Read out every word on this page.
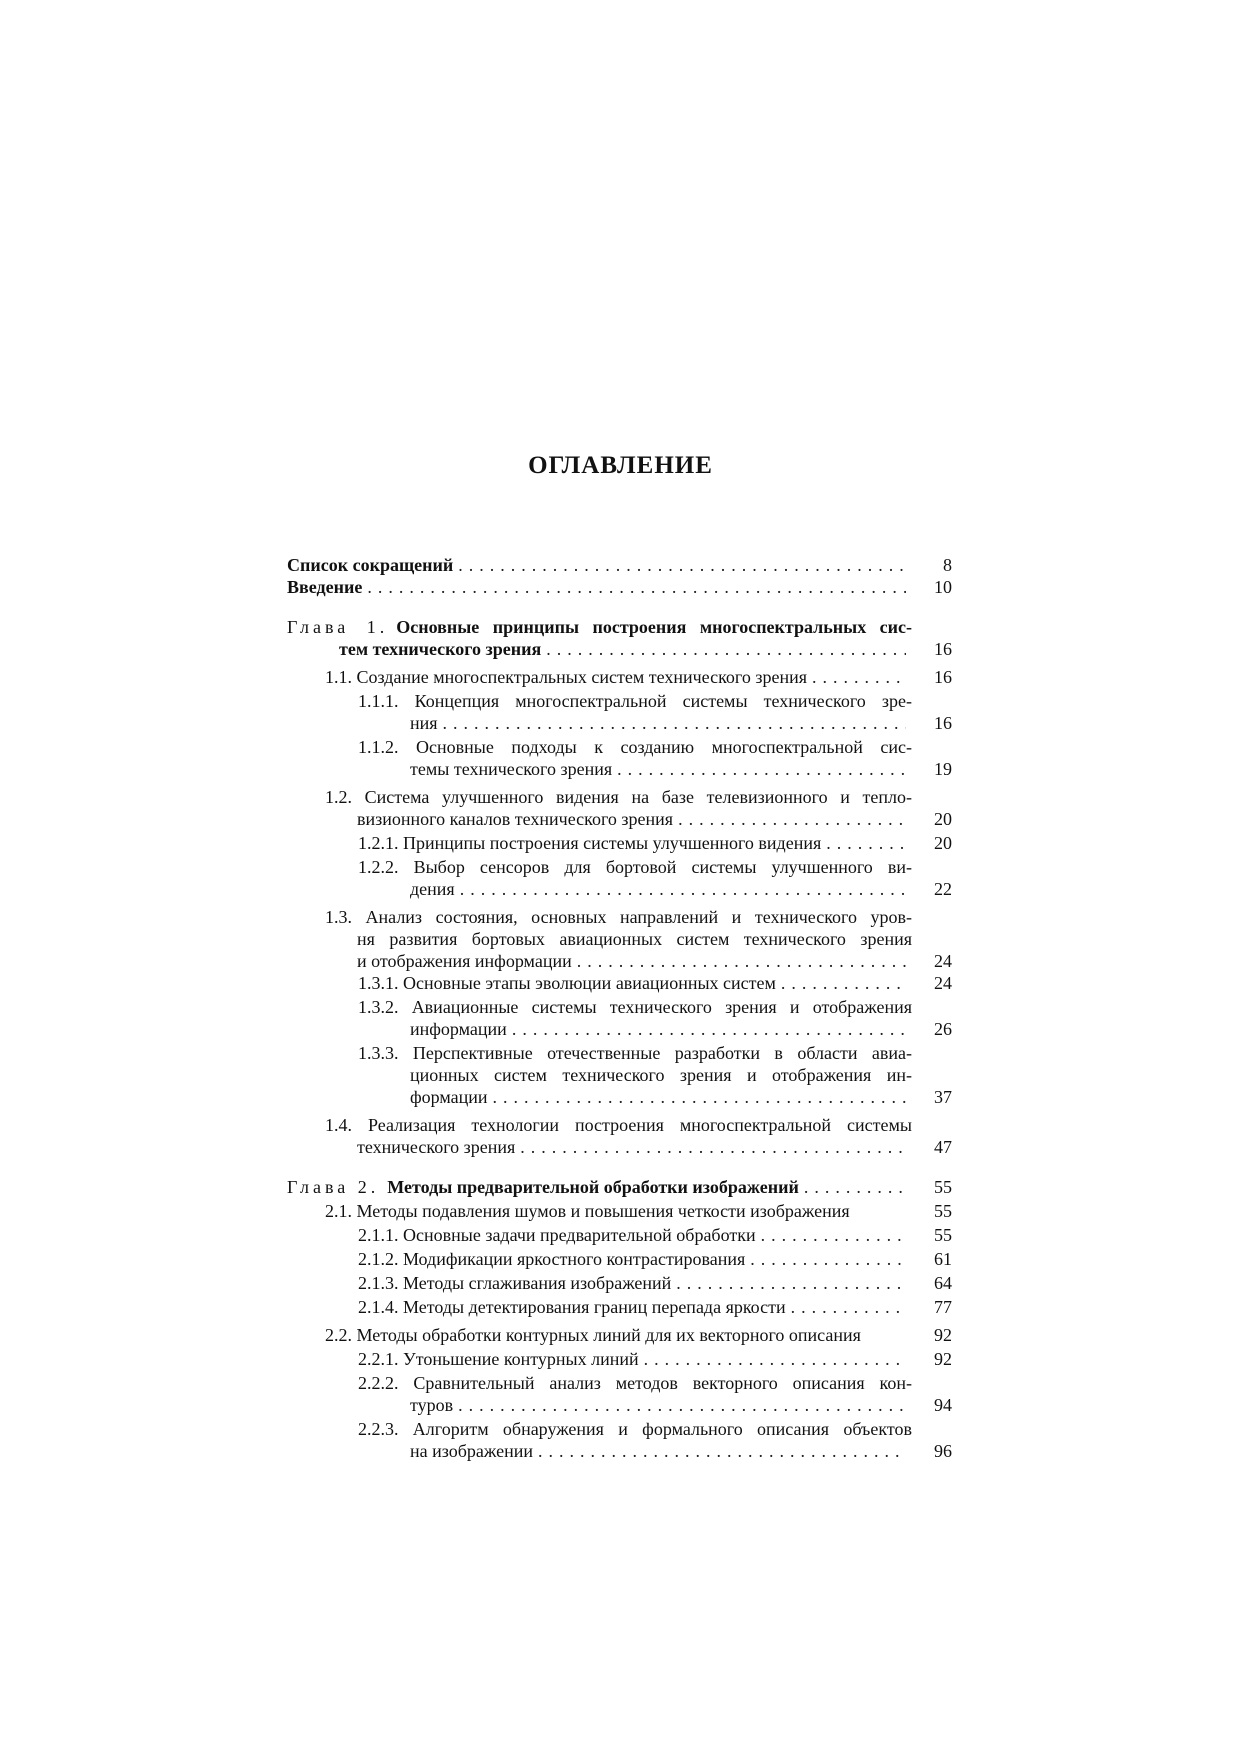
ОГЛАВЛЕНИЕ
Список сокращений .....	8
Введение .....	10
Глава 1. Основные принципы построения многоспектральных сис-
тем технического зрения .....	16
1.1. Создание многоспектральных систем технического зрения .....	16
1.1.1. Концепция многоспектральной системы технического зре-
ния .....	16
1.1.2. Основные подходы к созданию многоспектральной сис-
темы технического зрения .....	19
1.2. Система улучшенного видения на базе телевизионного и тепло-
визионного каналов технического зрения .....	20
1.2.1. Принципы построения системы улучшенного видения .....	20
1.2.2. Выбор сенсоров для бортовой системы улучшенного ви-
дения .....	22
1.3. Анализ состояния, основных направлений и технического уров-
ня развития бортовых авиационных систем технического зрения
и отображения информации .....	24
1.3.1. Основные этапы эволюции авиационных систем .....	24
1.3.2. Авиационные системы технического зрения и отображения
информации .....	26
1.3.3. Перспективные отечественные разработки в области авиа-
ционных систем технического зрения и отображения ин-
формации .....	37
1.4. Реализация технологии построения многоспектральной системы
технического зрения .....	47
Глава 2. Методы предварительной обработки изображений .....	55
2.1. Методы подавления шумов и повышения четкости изображения	55
2.1.1. Основные задачи предварительной обработки .....	55
2.1.2. Модификации яркостного контрастирования .....	61
2.1.3. Методы сглаживания изображений .....	64
2.1.4. Методы детектирования границ перепада яркости .....	77
2.2. Методы обработки контурных линий для их векторного описания	92
2.2.1. Утоньшение контурных линий .....	92
2.2.2. Сравнительный анализ методов векторного описания кон-
туров .....	94
2.2.3. Алгоритм обнаружения и формального описания объектов
на изображении .....	96
